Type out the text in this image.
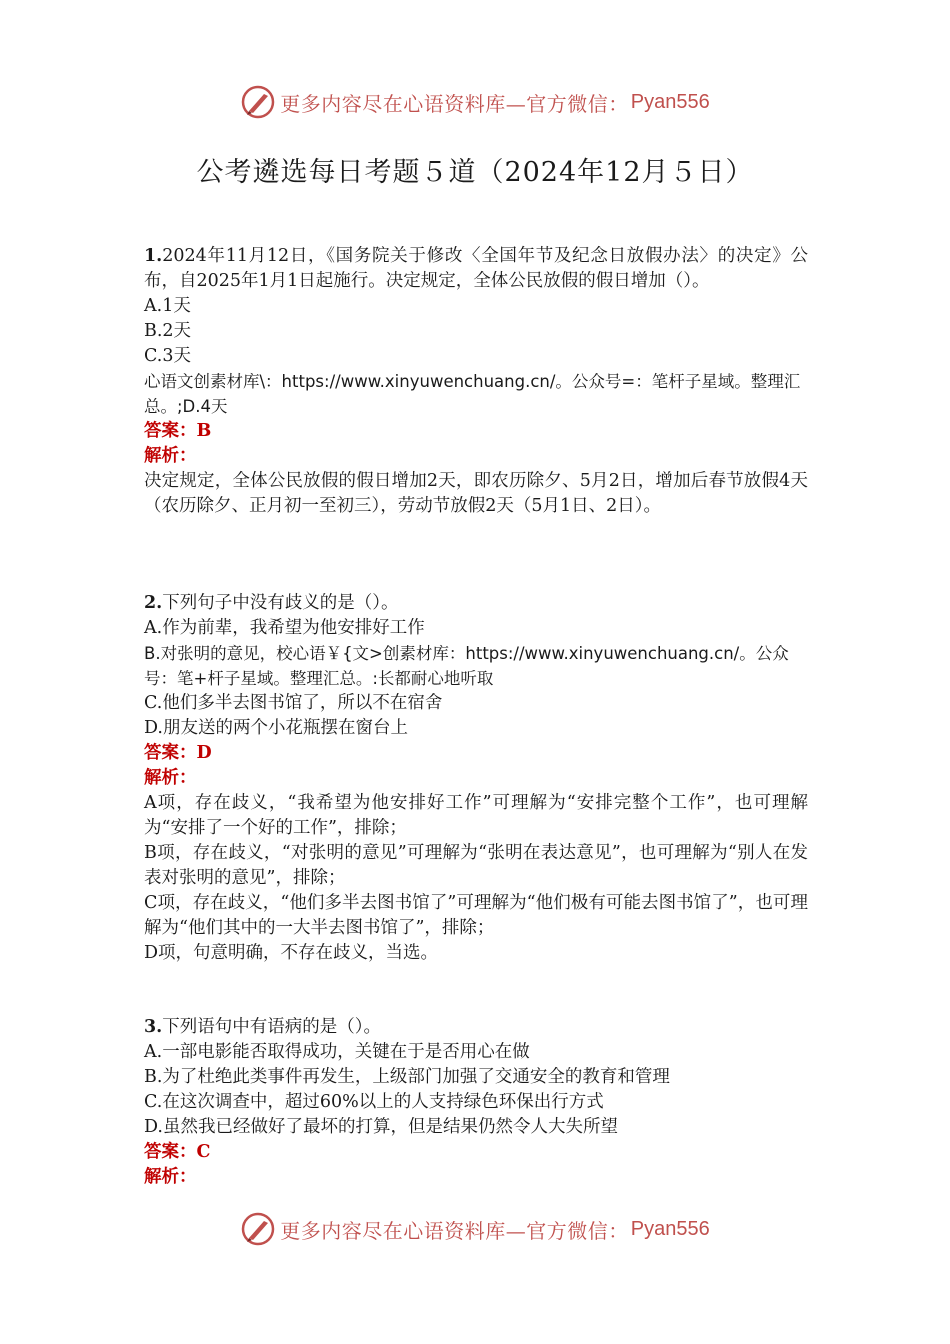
更多内容尽在心语资料库—官方微信： Pyan556
公考遴选每日考题５道（2024年12月５日）

1.2024年11月12日，《国务院关于修改〈全国年节及纪念日放假办法〉的决定》公布，自2025年1月1日起施行。决定规定，全体公民放假的假日增加（）。

A.1天

B.2天

C.3天

心语文创素材库\：https://www.xinyuwenchuang.cn/。公众号=：笔杆子星域。整理汇总。;D.4天

答案：B

解析：

决定规定，全体公民放假的假日增加2天，即农历除夕、5月2日，增加后春节放假4天（农历除夕、正月初一至初三），劳动节放假2天（5月1日、2日）。

2.下列句子中没有歧义的是（）。

A.作为前辈，我希望为他安排好工作

B.对张明的意见，校心语￥{文>创素材库：https://www.xinyuwenchuang.cn/。公众号：笔+杆子星域。整理汇总。:长都耐心地听取

C.他们多半去图书馆了，所以不在宿舍

D.朋友送的两个小花瓶摆在窗台上

答案：D

解析：

A项，存在歧义，“我希望为他安排好工作”可理解为“安排完整个工作”，也可理解为“安排了一个好的工作”，排除；

B项，存在歧义，“对张明的意见”可理解为“张明在表达意见”，也可理解为“别人在发表对张明的意见”，排除；

C项，存在歧义，“他们多半去图书馆了”可理解为“他们极有可能去图书馆了”，也可理解为“他们其中的一大半去图书馆了”，排除；

D项，句意明确，不存在歧义，当选。

3.下列语句中有语病的是（）。

A.一部电影能否取得成功，关键在于是否用心在做

B.为了杜绝此类事件再发生，上级部门加强了交通安全的教育和管理

C.在这次调查中，超过60%以上的人支持绿色环保出行方式

D.虽然我已经做好了最坏的打算，但是结果仍然令人大失所望

答案：C

解析：

更多内容尽在心语资料库—官方微信： Pyan556
